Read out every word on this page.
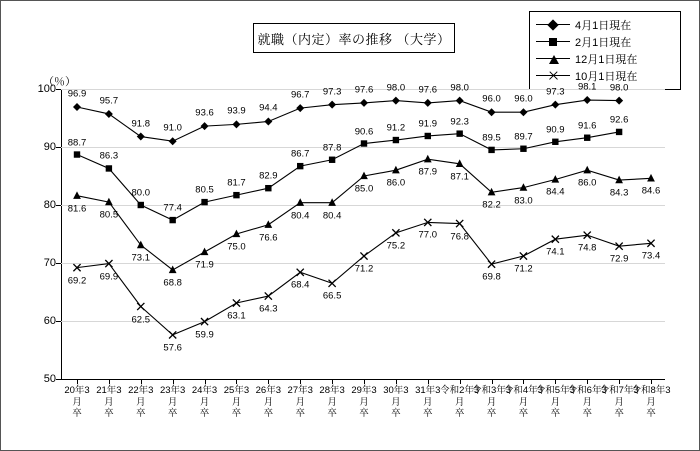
就職（内定）率の推移 （大学）
4月1日現在
2月1日現在
12月1日現在
10月1日現在
（％）
50
60
70
80
90
100 96.9
95.7
91.8 91.0
93.6 93.9 94.4
96.7 97.3 97.6 98.0 97.6 98.0
96.0 96.0
97.3 98.1 98.0
88.7
86.3
80.0
77.4
80.5
81.7
82.9
86.7
87.8
90.6 91.2 91.9 92.3
89.5 89.7
90.9 91.6
92.6
81.6
80.5
73.1
68.8
71.9
75.0
76.6
80.4 80.4
85.0
86.0
87.9 87.1
82.2 83.0
84.4
86.0
84.3 84.6
69.2 69.9
62.5
57.6
59.9
63.1
64.3
68.4
66.5
71.2
75.2
77.0 76.8
69.8
71.2
74.1 74.8
72.9 73.4
20年3
月
卒
21年3
月
卒
22年3
月
卒
23年3
月
卒
24年3
月
卒
25年3
月
卒
26年3
月
卒
27年3
月
卒
28年3
月
卒
29年3
月
卒
30年3
月
卒
31年3
月
卒
令和2年3
月
卒
令和3年3
月
卒
令和4年3
月
卒
令和5年3
月
卒
令和6年3
月
卒
令和7年3
月
卒
令和8年3
月
卒
